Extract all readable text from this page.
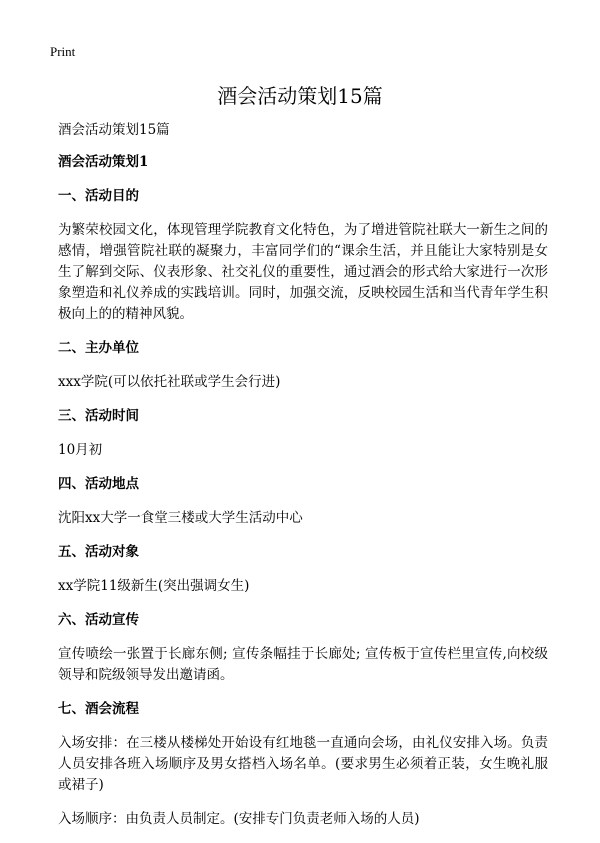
Print
酒会活动策划15篇
酒会活动策划15篇
酒会活动策划1
一、活动目的
为繁荣校园文化，体现管理学院教育文化特色，为了增进管院社联大一新生之间的感情，增强管院社联的凝聚力，丰富同学们的“课余生活，并且能让大家特别是女生了解到交际、仪表形象、社交礼仪的重要性，通过酒会的形式给大家进行一次形象塑造和礼仪养成的实践培训。同时，加强交流，反映校园生活和当代青年学生积极向上的的精神风貌。
二、主办单位
xxx学院(可以依托社联或学生会行进)
三、活动时间
10月初
四、活动地点
沈阳xx大学一食堂三楼或大学生活动中心
五、活动对象
xx学院11级新生(突出强调女生)
六、活动宣传
宣传喷绘一张置于长廊东侧; 宣传条幅挂于长廊处; 宣传板于宣传栏里宣传,向校级领导和院级领导发出邀请函。
七、酒会流程
入场安排：在三楼从楼梯处开始设有红地毯一直通向会场，由礼仪安排入场。负责人员安排各班入场顺序及男女搭档入场名单。(要求男生必须着正装，女生晚礼服或裙子)
入场顺序：由负责人员制定。(安排专门负责老师入场的人员)
